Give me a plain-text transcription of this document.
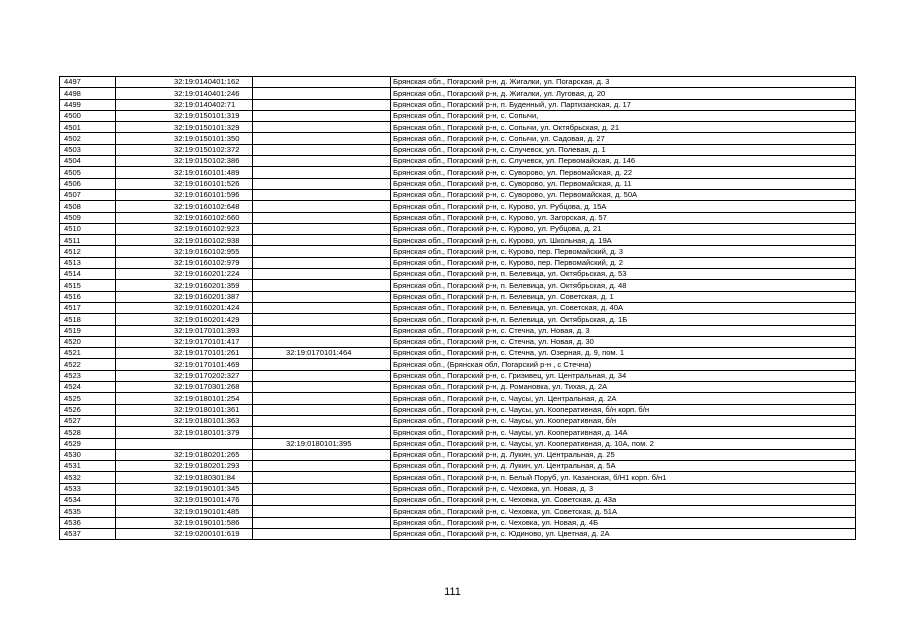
4497	32:19:0140401:162		Брянская обл., Погарский р-н, д. Жигалки, ул. Погарская, д. 3
4498	32:19:0140401:246		Брянская обл., Погарский р-н, д. Жигалки, ул. Луговая, д. 20
4499	32:19:0140402:71		Брянская обл., Погарский р-н, п. Буденный, ул. Партизанская, д. 17
4500	32:19:0150101:319		Брянская обл., Погарский р-н, с. Сопычи,
4501	32:19:0150101:329		Брянская обл., Погарский р-н, с. Сопычи, ул. Октябрьская, д. 21
4502	32:19:0150101:350		Брянская обл., Погарский р-н, с. Сопычи, ул. Садовая, д. 27
4503	32:19:0150102:372		Брянская обл., Погарский р-н, с. Случевск, ул. Полевая, д. 1
4504	32:19:0150102:386		Брянская обл., Погарский р-н, с. Случевск, ул. Первомайская, д. 146
4505	32:19:0160101:489		Брянская обл., Погарский р-н, с. Суворово, ул. Первомайская, д. 22
4506	32:19:0160101:526		Брянская обл., Погарский р-н, с. Суворово, ул. Первомайская, д. 11
4507	32:19:0160101:596		Брянская обл., Погарский р-н, с. Суворово, ул. Первомайская, д. 50А
4508	32:19:0160102:648		Брянская обл., Погарский р-н, с. Курово, ул. Рубцова, д. 15А
4509	32:19:0160102:660		Брянская обл., Погарский р-н, с. Курово, ул. Загорская, д. 57
4510	32:19:0160102:923		Брянская обл., Погарский р-н, с. Курово, ул. Рубцова, д. 21
4511	32:19:0160102:938		Брянская обл., Погарский р-н, с. Курово, ул. Школьная, д. 19А
4512	32:19:0160102:955		Брянская обл., Погарский р-н, с. Курово, пер. Первомайский, д. 3
4513	32:19:0160102:979		Брянская обл., Погарский р-н, с. Курово, пер. Первомайский, д. 2
4514	32:19:0160201:224		Брянская обл., Погарский р-н, п. Белевица, ул. Октябрьская, д. 53
4515	32:19:0160201:359		Брянская обл., Погарский р-н, п. Белевица, ул. Октябрьская, д. 48
4516	32:19:0160201:387		Брянская обл., Погарский р-н, п. Белевица, ул. Советская, д. 1
4517	32:19:0160201:424		Брянская обл., Погарский р-н, п. Белевица, ул. Советская, д. 40А
4518	32:19:0160201:429		Брянская обл., Погарский р-н, п. Белевица, ул. Октябрьская, д. 1Б
4519	32:19:0170101:393		Брянская обл., Погарский р-н, с. Стечна, ул. Новая, д. 3
4520	32:19:0170101:417		Брянская обл., Погарский р-н, с. Стечна, ул. Новая, д. 30
4521	32:19:0170101:261	32:19:0170101:464	Брянская обл., Погарский р-н, с. Стечна, ул. Озерная, д. 9, пом. 1
4522	32:19:0170101:469		Брянская обл., (Брянская обл, Погарский р-н , с Стечна)
4523	32:19:0170202:327		Брянская обл., Погарский р-н, с. Гриэивец, ул. Центральная, д. 34
4524	32:19:0170301:268		Брянская обл., Погарский р-н, д. Романовка, ул. Тихая, д. 2А
4525	32:19:0180101:254		Брянская обл., Погарский р-н, с. Чаусы, ул. Центральная, д. 2А
4526	32:19:0180101:361		Брянская обл., Погарский р-н, с. Чаусы, ул. Кооперативная, б/н корп. б/н
4527	32:19:0180101:363		Брянская обл., Погарский р-н, с. Чаусы, ул. Кооперативная, б/н
4528	32:19:0180101:379		Брянская обл., Погарский р-н, с. Чаусы, ул. Кооперативная, д. 14А
4529		32:19:0180101:395	Брянская обл., Погарский р-н, с. Чаусы, ул. Кооперативная, д. 10А, пом. 2
4530	32:19:0180201:265		Брянская обл., Погарский р-н, д. Лукин, ул. Центральная, д. 25
4531	32:19:0180201:293		Брянская обл., Погарский р-н, д. Лукин, ул. Центральная, д. 5А
4532	32:19:0180301:84		Брянская обл., Погарский р-н, п. Белый Поруб, ул. Казанская, б/Н1 корп. б/н1
4533	32:19:0190101:345		Брянская обл., Погарский р-н, с. Чеховка, ул. Новая, д. 3
4534	32:19:0190101:476		Брянская обл., Погарский р-н, с. Чеховка, ул. Советская, д. 43а
4535	32:19:0190101:485		Брянская обл., Погарский р-н, с. Чеховка, ул. Советская, д. 51А
4536	32:19:0190101:586		Брянская обл., Погарский р-н, с. Чеховка, ул. Новая, д. 4Б
4537	32:19:0200101:619		Брянская обл., Погарский р-н, с. Юдиново, ул. Цветная, д. 2А
111
